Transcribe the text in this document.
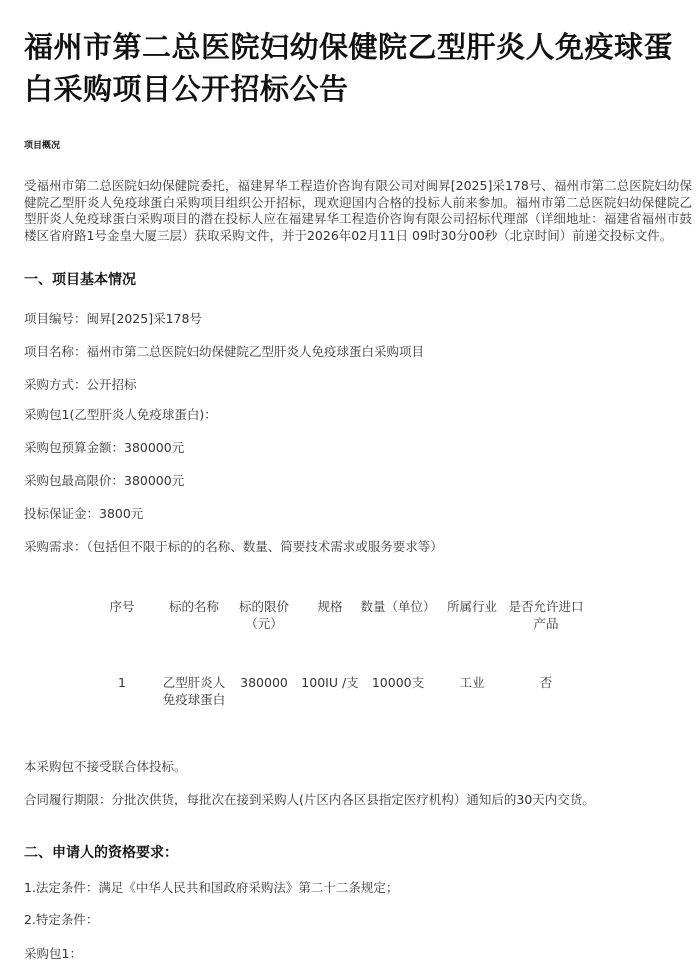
福州市第二总医院妇幼保健院乙型肝炎人免疫球蛋白采购项目公开招标公告
项目概况
受福州市第二总医院妇幼保健院委托，福建昇华工程造价咨询有限公司对闽昇[2025]采178号、福州市第二总医院妇幼保健院乙型肝炎人免疫球蛋白采购项目组织公开招标，现欢迎国内合格的投标人前来参加。福州市第二总医院妇幼保健院乙型肝炎人免疫球蛋白采购项目的潜在投标人应在福建昇华工程造价咨询有限公司招标代理部（详细地址：福建省福州市鼓楼区省府路1号金皇大厦三层）获取采购文件，并于2026年02月11日 09时30分00秒（北京时间）前递交投标文件。
一、项目基本情况
项目编号：闽昇[2025]采178号
项目名称：福州市第二总医院妇幼保健院乙型肝炎人免疫球蛋白采购项目
采购方式：公开招标
采购包1(乙型肝炎人免疫球蛋白)：
采购包预算金额：380000元
采购包最高限价：380000元
投标保证金：3800元
采购需求：（包括但不限于标的的名称、数量、简要技术需求或服务要求等）
序号	标的名称	标的限价（元）	规格	数量（单位）	所属行业	是否允许进口产品
1	乙型肝炎人免疫球蛋白	380000	100IU /支	10000支	工业	否
本采购包不接受联合体投标。
合同履行期限：分批次供货，每批次在接到采购人(片区内各区县指定医疗机构）通知后的30天内交货。
二、申请人的资格要求：
1.法定条件：满足《中华人民共和国政府采购法》第二十二条规定；
2.特定条件：
采购包1：
